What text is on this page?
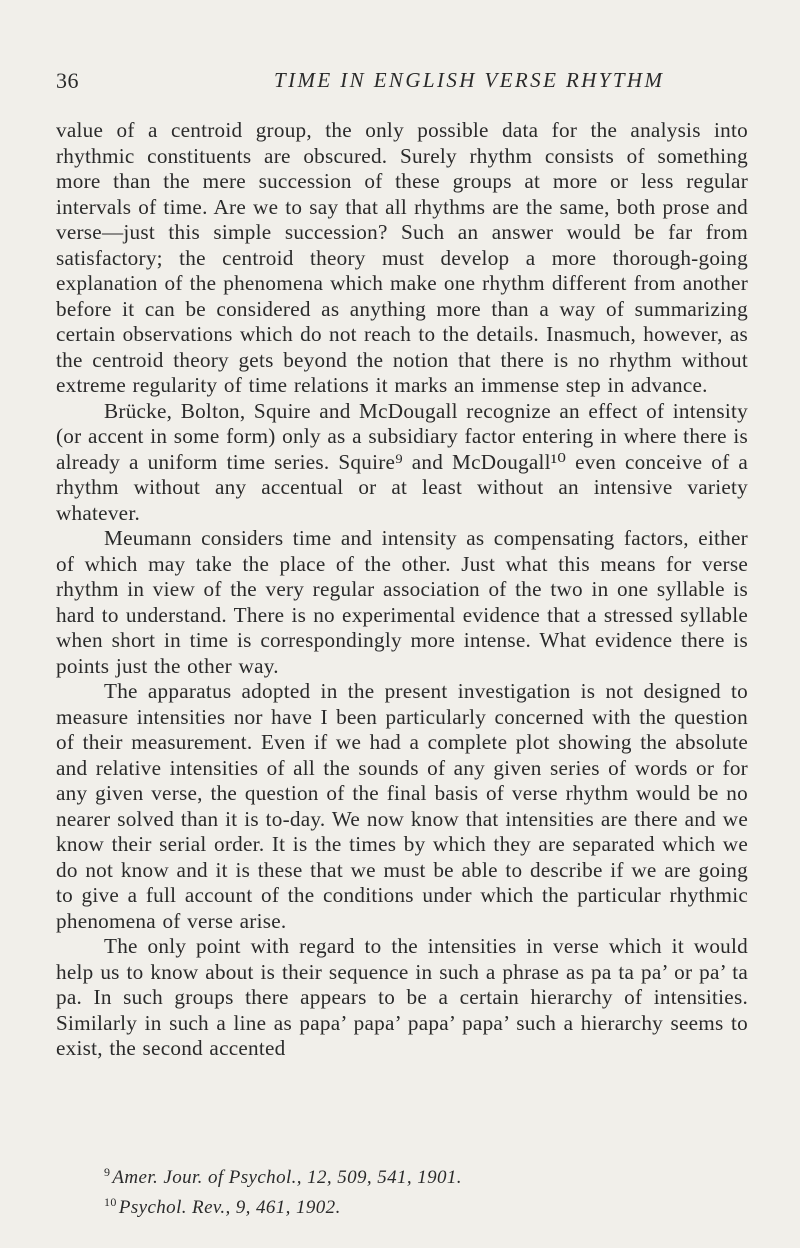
36	TIME IN ENGLISH VERSE RHYTHM

value of a centroid group, the only possible data for the analysis into rhythmic constituents are obscured. Surely rhythm consists of something more than the mere succession of these groups at more or less regular intervals of time. Are we to say that all rhythms are the same, both prose and verse—just this simple succession? Such an answer would be far from satisfactory; the centroid theory must develop a more thorough-going explanation of the phenomena which make one rhythm different from another before it can be considered as anything more than a way of summarizing certain observations which do not reach to the details. Inasmuch, however, as the centroid theory gets beyond the notion that there is no rhythm without extreme regularity of time relations it marks an immense step in advance.

Brücke, Bolton, Squire and McDougall recognize an effect of intensity (or accent in some form) only as a subsidiary factor entering in where there is already a uniform time series. Squire⁹ and McDougall¹⁰ even conceive of a rhythm without any accentual or at least without an intensive variety whatever.

Meumann considers time and intensity as compensating factors, either of which may take the place of the other. Just what this means for verse rhythm in view of the very regular association of the two in one syllable is hard to understand. There is no experimental evidence that a stressed syllable when short in time is correspondingly more intense. What evidence there is points just the other way.

The apparatus adopted in the present investigation is not designed to measure intensities nor have I been particularly concerned with the question of their measurement. Even if we had a complete plot showing the absolute and relative intensities of all the sounds of any given series of words or for any given verse, the question of the final basis of verse rhythm would be no nearer solved than it is to-day. We now know that intensities are there and we know their serial order. It is the times by which they are separated which we do not know and it is these that we must be able to describe if we are going to give a full account of the conditions under which the particular rhythmic phenomena of verse arise.

The only point with regard to the intensities in verse which it would help us to know about is their sequence in such a phrase as pa ta pa’ or pa’ ta pa. In such groups there appears to be a certain hierarchy of intensities. Similarly in such a line as papa’ papa’ papa’ papa’ such a hierarchy seems to exist, the second accented

$^9$ Amer. Jour. of Psychol., 12, 509, 541, 1901.
$^{10}$ Psychol. Rev., 9, 461, 1902.
